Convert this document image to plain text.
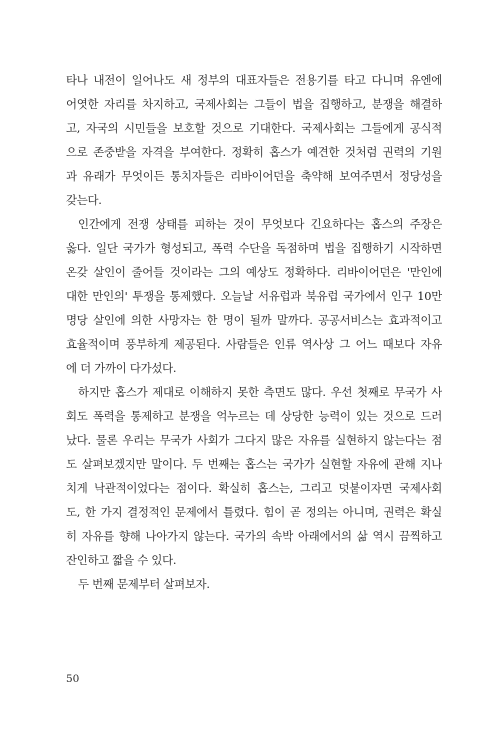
타나 내전이 일어나도 새 정부의 대표자들은 전용기를 타고 다니며 유엔에
어엿한 자리를 차지하고, 국제사회는 그들이 법을 집행하고, 분쟁을 해결하
고, 자국의 시민들을 보호할 것으로 기대한다. 국제사회는 그들에게 공식적
으로 존중받을 자격을 부여한다. 정확히 홉스가 예견한 것처럼 권력의 기원
과 유래가 무엇이든 통치자들은 리바이어던을 축약해 보여주면서 정당성을
갖는다.
인간에게 전쟁 상태를 피하는 것이 무엇보다 긴요하다는 홉스의 주장은
옳다. 일단 국가가 형성되고, 폭력 수단을 독점하며 법을 집행하기 시작하면
온갖 살인이 줄어들 것이라는 그의 예상도 정확하다. 리바이어던은 '만인에
대한 만인의' 투쟁을 통제했다. 오늘날 서유럽과 북유럽 국가에서 인구 10만
명당 살인에 의한 사망자는 한 명이 될까 말까다. 공공서비스는 효과적이고
효율적이며 풍부하게 제공된다. 사람들은 인류 역사상 그 어느 때보다 자유
에 더 가까이 다가섰다.
하지만 홉스가 제대로 이해하지 못한 측면도 많다. 우선 첫째로 무국가 사
회도 폭력을 통제하고 분쟁을 억누르는 데 상당한 능력이 있는 것으로 드러
났다. 물론 우리는 무국가 사회가 그다지 많은 자유를 실현하지 않는다는 점
도 살펴보겠지만 말이다. 두 번째는 홉스는 국가가 실현할 자유에 관해 지나
치게 낙관적이었다는 점이다. 확실히 홉스는, 그리고 덧붙이자면 국제사회
도, 한 가지 결정적인 문제에서 틀렸다. 힘이 곧 정의는 아니며, 권력은 확실
히 자유를 향해 나아가지 않는다. 국가의 속박 아래에서의 삶 역시 끔찍하고
잔인하고 짧을 수 있다.
두 번째 문제부터 살펴보자.
50
